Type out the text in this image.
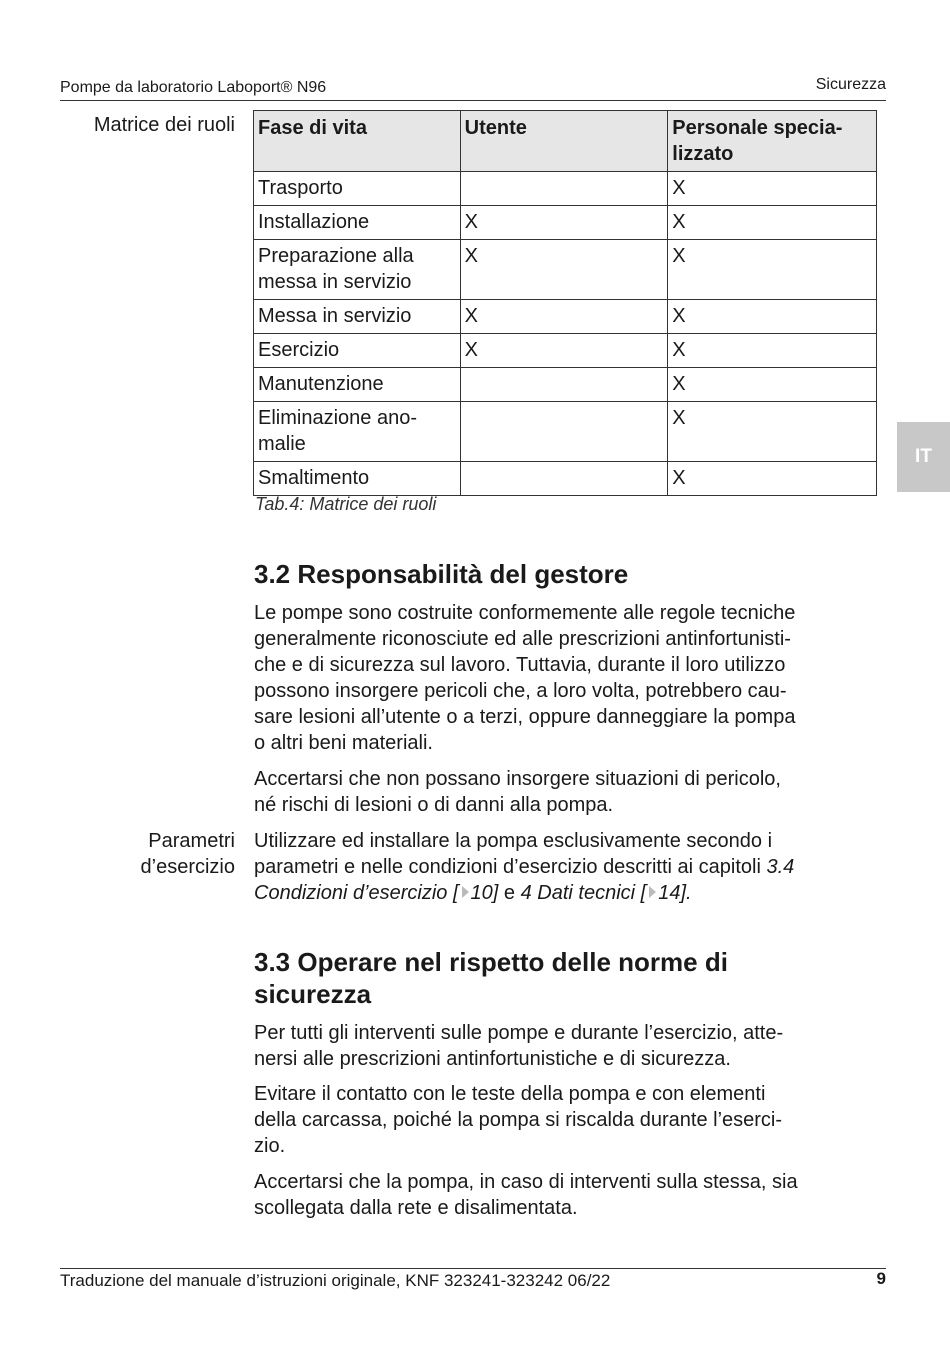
Pompe da laboratorio Laboport® N96	Sicurezza
Matrice dei ruoli Fase di vita	Utente	Personale specia-
lizzato
Trasporto		X
Installazione	X	X
Preparazione alla
messa in servizio	X	X
Messa in servizio	X	X
Esercizio	X	X
Manutenzione		X
Eliminazione ano-
malie		X
Smaltimento		X
Tab.4: Matrice dei ruoli
3.2 Responsabilità del gestore

Le pompe sono costruite conformemente alle regole tecniche
generalmente riconosciute ed alle prescrizioni antinfortunisti-
che e di sicurezza sul lavoro. Tuttavia, durante il loro utilizzo
possono insorgere pericoli che, a loro volta, potrebbero cau-
sare lesioni all’utente o a terzi, oppure danneggiare la pompa
o altri beni materiali.

Accertarsi che non possano insorgere situazioni di pericolo,
né rischi di lesioni o di danni alla pompa.

Parametri
d’esercizio

Utilizzare ed installare la pompa esclusivamente secondo i
parametri e nelle condizioni d’esercizio descritti ai capitoli 3.4
Condizioni d’esercizio [ 10] e 4 Dati tecnici [ 14].

3.3 Operare nel rispetto delle norme di
sicurezza

Per tutti gli interventi sulle pompe e durante l’esercizio, atte-
nersi alle prescrizioni antinfortunistiche e di sicurezza.

Evitare il contatto con le teste della pompa e con elementi
della carcassa, poiché la pompa si riscalda durante l’eserci-
zio.

Accertarsi che la pompa, in caso di interventi sulla stessa, sia
scollegata dalla rete e disalimentata.

IT
Traduzione del manuale d’istruzioni originale, KNF 323241-323242 06/22	9
